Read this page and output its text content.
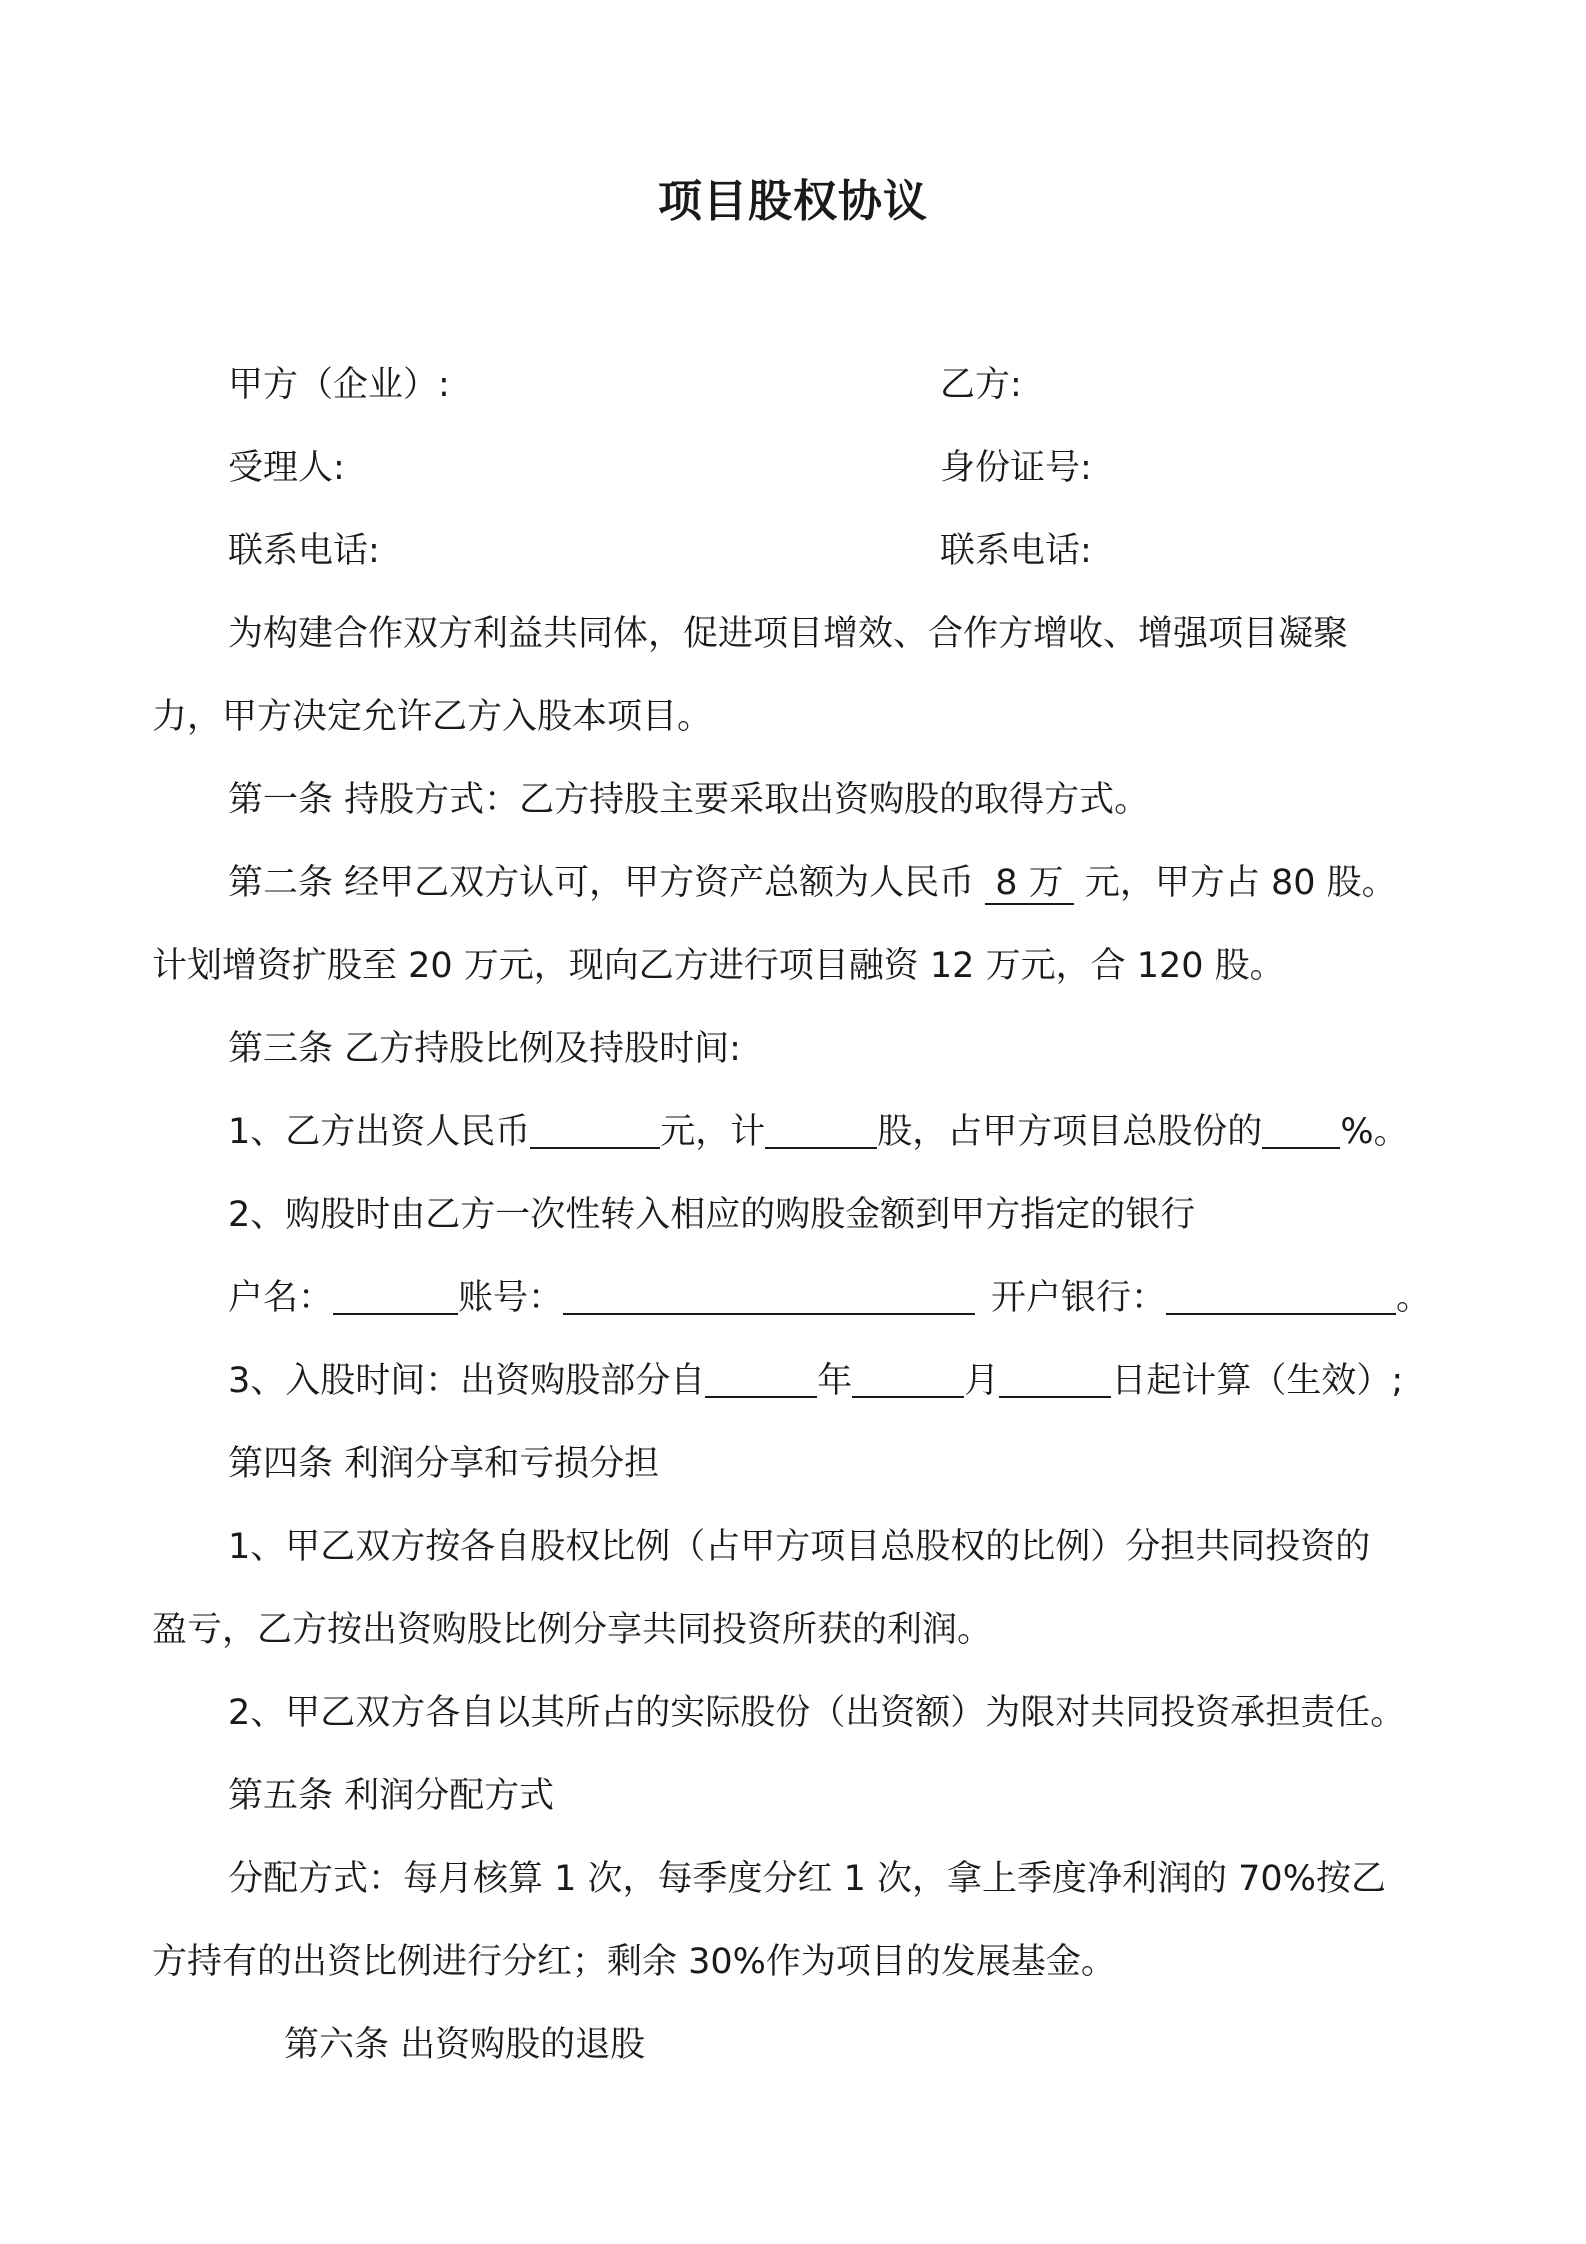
项目股权协议
甲方（企业）:	乙方:
受理人:	身份证号:
联系电话:	联系电话:
为构建合作双方利益共同体，促进项目增效、合作方增收、增强项目凝聚
力，甲方决定允许乙方入股本项目。
第一条 持股方式：乙方持股主要采取出资购股的取得方式。
第二条 经甲乙双方认可，甲方资产总额为人民币 8 万 元，甲方占 80 股。
计划增资扩股至 20 万元，现向乙方进行项目融资 12 万元，合 120 股。
第三条 乙方持股比例及持股时间:
1、乙方出资人民币	元，计	股，占甲方项目总股份的 %。
2、购股时由乙方一次性转入相应的购股金额到甲方指定的银行
户名：	账号：	开户银行：	。
3、入股时间：出资购股部分自	年	月	日起计算（生效）;
第四条 利润分享和亏损分担
1、甲乙双方按各自股权比例（占甲方项目总股权的比例）分担共同投资的
盈亏，乙方按出资购股比例分享共同投资所获的利润。
2、甲乙双方各自以其所占的实际股份（出资额）为限对共同投资承担责任。
第五条 利润分配方式
分配方式：每月核算 1 次，每季度分红 1 次，拿上季度净利润的 70%按乙
方持有的出资比例进行分红；剩余 30%作为项目的发展基金。
第六条 出资购股的退股
